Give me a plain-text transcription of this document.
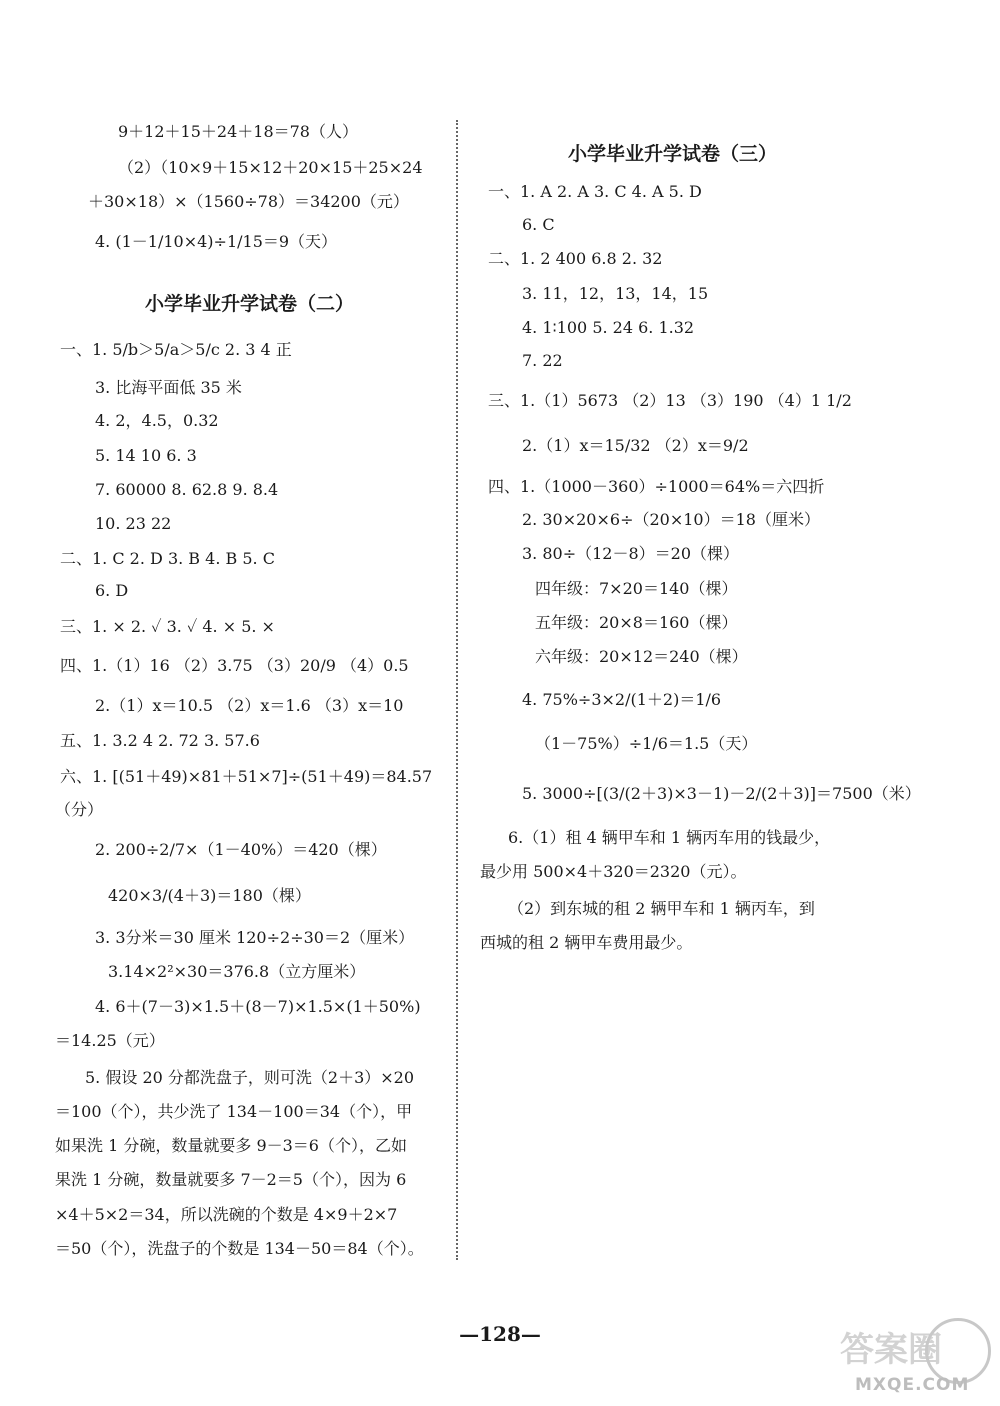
9＋12＋15＋24＋18＝78（人）
（2）（10×9＋15×12＋20×15＋25×24
＋30×18）×（1560÷78）＝34200（元）
4. (1－1/10×4)÷1/15＝9（天）
一、1. 5/b＞5/a＞5/c 2. 3 4 正
3. 比海平面低 35 米
4. 2，4.5，0.32
5. 14 10 6. 3
7. 60000 8. 62.8 9. 8.4
10. 23 22
二、1. C 2. D 3. B 4. B 5. C
6. D
三、1. × 2. ✓ 3. ✓ 4. × 5. ×
四、1.（1）16 （2）3.75 （3）20/9 （4）0.5
2.（1）x＝10.5 （2）x＝1.6 （3）x＝10
五、1. 3.2 4 2. 72 3. 57.6
六、1. [(51＋49)×81＋51×7]÷(51＋49)＝84.57
（分）
2. 200÷2/7×（1－40%）＝420（棵）
420×3/(4＋3)＝180（棵）
3. 3分米＝30 厘米 120÷2÷30＝2（厘米）
3.14×2²×30＝376.8（立方厘米）
4. 6＋(7－3)×1.5＋(8－7)×1.5×(1＋50%)
＝14.25（元）
5. 假设 20 分都洗盘子，则可洗（2＋3）×20
＝100（个），共少洗了 134－100＝34（个），甲
如果洗 1 分碗，数量就要多 9－3＝6（个），乙如
果洗 1 分碗，数量就要多 7－2＝5（个），因为 6
×4＋5×2＝34，所以洗碗的个数是 4×9＋2×7
＝50（个），洗盘子的个数是 134－50＝84（个）。
小学毕业升学试卷（二）
小学毕业升学试卷（三）
一、1. A 2. A 3. C 4. A 5. D
6. C
二、1. 2 400 6.8 2. 32
3. 11，12，13，14，15
4. 1∶100 5. 24 6. 1.32
7. 22
三、1.（1）5673 （2）13 （3）190 （4）1 1/2
2.（1）x＝15/32 （2）x＝9/2
四、1.（1000－360）÷1000＝64%＝六四折
2. 30×20×6÷（20×10）＝18（厘米）
3. 80÷（12－8）＝20（棵）
四年级：7×20＝140（棵）
五年级：20×8＝160（棵）
六年级：20×12＝240（棵）
4. 75%÷3×2/(1＋2)＝1/6
（1－75%）÷1/6＝1.5（天）
5. 3000÷[(3/(2＋3)×3－1)－2/(2＋3)]＝7500（米）
6.（1）租 4 辆甲车和 1 辆丙车用的钱最少，
最少用 500×4＋320＝2320（元）。
（2）到东城的租 2 辆甲车和 1 辆丙车，到
西城的租 2 辆甲车费用最少。
—128—	答案圈
MXQE.COM
